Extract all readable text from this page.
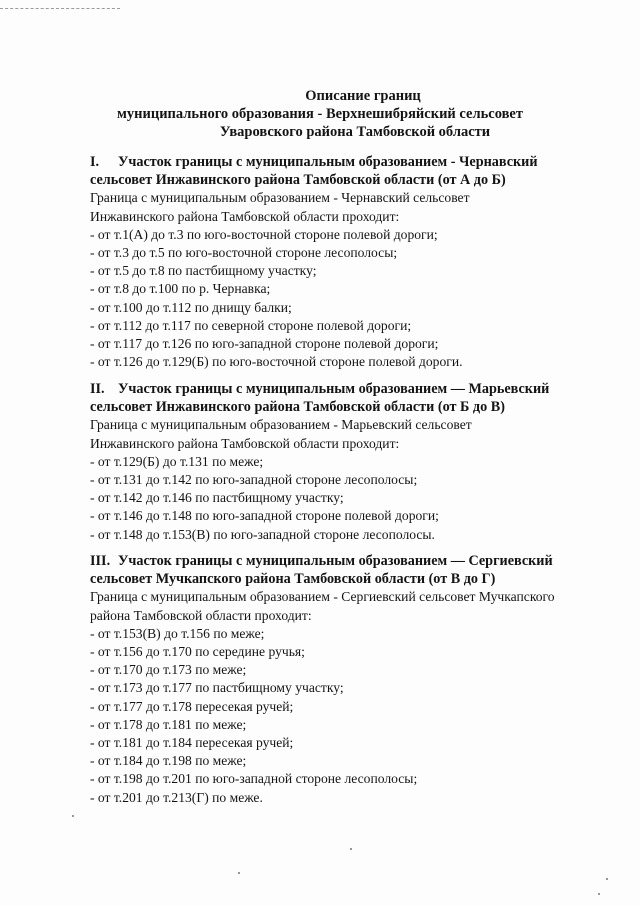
Описание границ
муниципального образования - Верхнешибряйский сельсовет
Уваровского района Тамбовской области
I. Участок границы с муниципальным образованием - Чернавский
сельсовет Инжавинского района Тамбовской области (от А до Б)
Граница с муниципальным образованием - Чернавский сельсовет
Инжавинского района Тамбовской области проходит:
- от т.1(А) до т.3 по юго-восточной стороне полевой дороги;
- от т.3 до т.5 по юго-восточной стороне лесополосы;
- от т.5 до т.8 по пастбищному участку;
- от т.8 до т.100 по р. Чернавка;
- от т.100 до т.112 по днищу балки;
- от т.112 до т.117 по северной стороне полевой дороги;
- от т.117 до т.126 по юго-западной стороне полевой дороги;
- от т.126 до т.129(Б) по юго-восточной стороне полевой дороги.
II. Участок границы с муниципальным образованием — Марьевский
сельсовет Инжавинского района Тамбовской области (от Б до В)
Граница с муниципальным образованием - Марьевский сельсовет
Инжавинского района Тамбовской области проходит:
- от т.129(Б) до т.131 по меже;
- от т.131 до т.142 по юго-западной стороне лесополосы;
- от т.142 до т.146 по пастбищному участку;
- от т.146 до т.148 по юго-западной стороне полевой дороги;
- от т.148 до т.153(В) по юго-западной стороне лесополосы.
III. Участок границы с муниципальным образованием — Сергиевский
сельсовет Мучкапского района Тамбовской области (от В до Г)
Граница с муниципальным образованием - Сергиевский сельсовет Мучкапского
района Тамбовской области проходит:
- от т.153(В) до т.156 по меже;
- от т.156 до т.170 по середине ручья;
- от т.170 до т.173 по меже;
- от т.173 до т.177 по пастбищному участку;
- от т.177 до т.178 пересекая ручей;
- от т.178 до т.181 по меже;
- от т.181 до т.184 пересекая ручей;
- от т.184 до т.198 по меже;
- от т.198 до т.201 по юго-западной стороне лесополосы;
- от т.201 до т.213(Г) по меже.
